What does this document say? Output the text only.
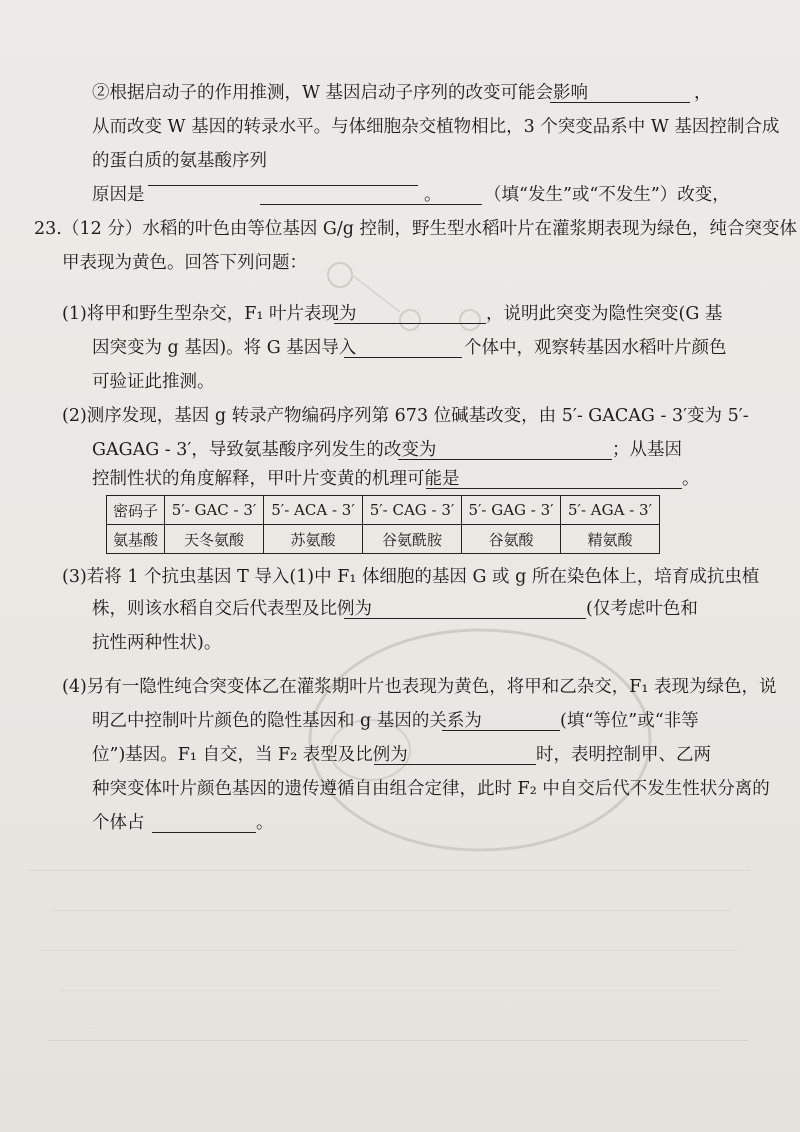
②根据启动子的作用推测，W 基因启动子序列的改变可能会影响	，
从而改变 W 基因的转录水平。与体细胞杂交植物相比，3 个突变品系中 W 基因控制合成
的蛋白质的氨基酸序列
原因是	（填“发生”或“不发生”）改变，
。
23. （12 分）水稻的叶色由等位基因 G/g 控制，野生型水稻叶片在灌浆期表现为绿色，纯合突变体
甲表现为黄色。回答下列问题：
(1)将甲和野生型杂交，F₁ 叶片表现为	，说明此突变为隐性突变(G 基
因突变为 g 基因)。将 G 基因导入	个体中，观察转基因水稻叶片颜色
可验证此推测。
(2)测序发现，基因 g 转录产物编码序列第 673 位碱基改变，由 5′- GACAG - 3′变为 5′-
GAGAG - 3′，导致氨基酸序列发生的改变为	；从基因
控制性状的角度解释，甲叶片变黄的机理可能是	。
密码子	5′- GAC - 3′	5′- ACA - 3′	5′- CAG - 3′	5′- GAG - 3′	5′- AGA - 3′
氨基酸	天冬氨酸	苏氨酸	谷氨酰胺	谷氨酸	精氨酸
(3)若将 1 个抗虫基因 T 导入(1)中 F₁ 体细胞的基因 G 或 g 所在染色体上，培育成抗虫植
株，则该水稻自交后代表型及比例为	(仅考虑叶色和
抗性两种性状)。
(4)另有一隐性纯合突变体乙在灌浆期叶片也表现为黄色，将甲和乙杂交，F₁ 表现为绿色，说
明乙中控制叶片颜色的隐性基因和 g 基因的关系为	(填“等位”或“非等
位”)基因。F₁ 自交，当 F₂ 表型及比例为	时，表明控制甲、乙两
种突变体叶片颜色基因的遗传遵循自由组合定律，此时 F₂ 中自交后代不发生性状分离的
个体占	。
